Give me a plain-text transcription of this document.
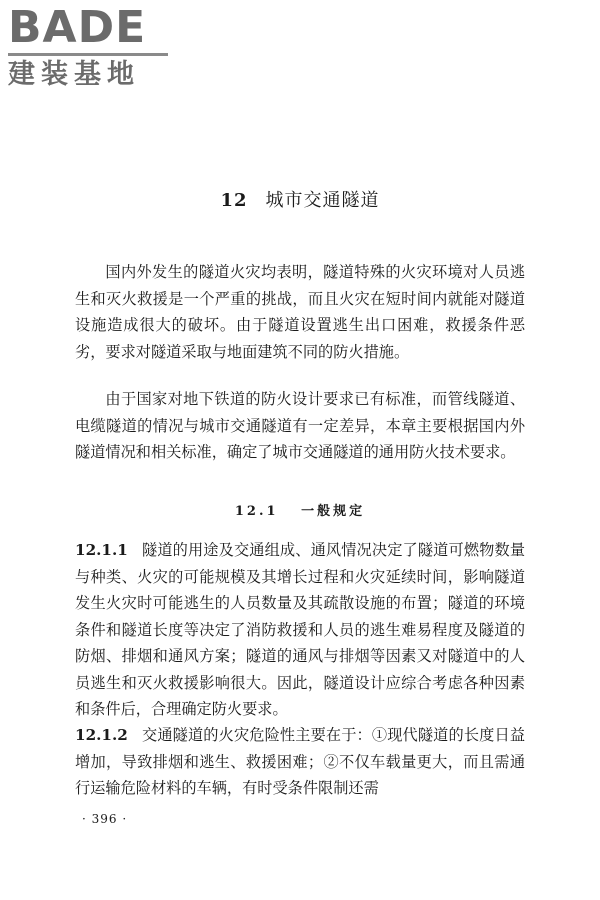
BADE
建装基地
12 城市交通隧道

国内外发生的隧道火灾均表明，隧道特殊的火灾环境对人员逃生和灭火救援是一个严重的挑战，而且火灾在短时间内就能对隧道设施造成很大的破坏。由于隧道设置逃生出口困难，救援条件恶劣，要求对隧道采取与地面建筑不同的防火措施。

由于国家对地下铁道的防火设计要求已有标准，而管线隧道、电缆隧道的情况与城市交通隧道有一定差异，本章主要根据国内外隧道情况和相关标准，确定了城市交通隧道的通用防火技术要求。

12.1 一般规定

12.1.1 隧道的用途及交通组成、通风情况决定了隧道可燃物数量与种类、火灾的可能规模及其增长过程和火灾延续时间，影响隧道发生火灾时可能逃生的人员数量及其疏散设施的布置；隧道的环境条件和隧道长度等决定了消防救援和人员的逃生难易程度及隧道的防烟、排烟和通风方案；隧道的通风与排烟等因素又对隧道中的人员逃生和灭火救援影响很大。因此，隧道设计应综合考虑各种因素和条件后，合理确定防火要求。

12.1.2 交通隧道的火灾危险性主要在于：①现代隧道的长度日益增加，导致排烟和逃生、救援困难；②不仅车载量更大，而且需通行运输危险材料的车辆，有时受条件限制还需

· 396 ·
